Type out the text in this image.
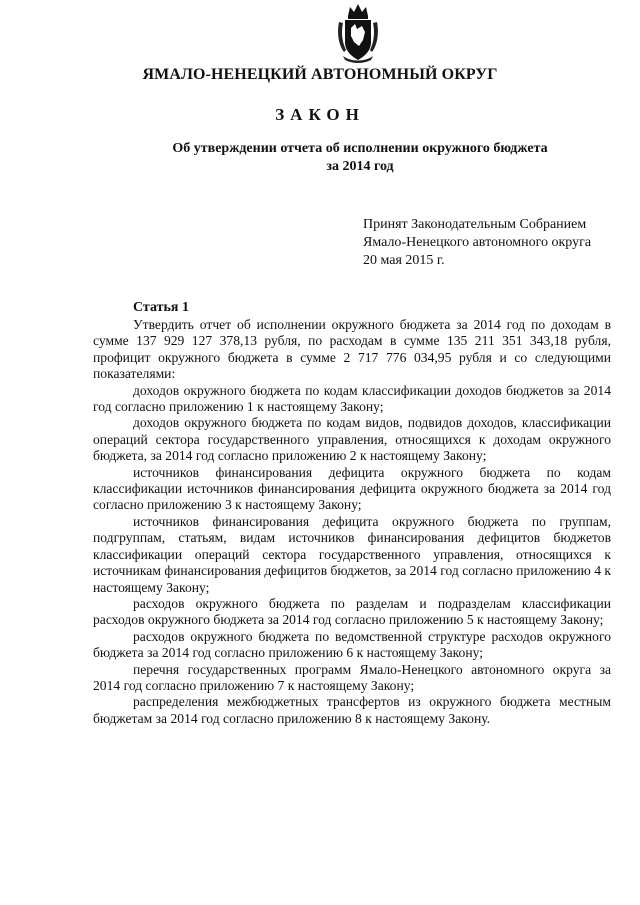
ЯМАЛО-НЕНЕЦКИЙ АВТОНОМНЫЙ ОКРУГ
ЗАКОН
Об утверждении отчета об исполнении окружного бюджета
за 2014 год
Принят Законодательным Собранием
Ямало-Ненецкого автономного округа
20 мая 2015 г.
Статья 1

Утвердить отчет об исполнении окружного бюджета за 2014 год по доходам в сумме 137 929 127 378,13 рубля, по расходам в сумме 135 211 351 343,18 рубля, профицит окружного бюджета в сумме 2 717 776 034,95 рубля и со следующими показателями:

доходов окружного бюджета по кодам классификации доходов бюджетов за 2014 год согласно приложению 1 к настоящему Закону;

доходов окружного бюджета по кодам видов, подвидов доходов, классификации операций сектора государственного управления, относящихся к доходам окружного бюджета, за 2014 год согласно приложению 2 к настоящему Закону;

источников финансирования дефицита окружного бюджета по кодам классификации источников финансирования дефицита окружного бюджета за 2014 год согласно приложению 3 к настоящему Закону;

источников финансирования дефицита окружного бюджета по группам, подгруппам, статьям, видам источников финансирования дефицитов бюджетов классификации операций сектора государственного управления, относящихся к источникам финансирования дефицитов бюджетов, за 2014 год согласно приложению 4 к настоящему Закону;

расходов окружного бюджета по разделам и подразделам классификации расходов окружного бюджета за 2014 год согласно приложению 5 к настоящему Закону;

расходов окружного бюджета по ведомственной структуре расходов окружного бюджета за 2014 год согласно приложению 6 к настоящему Закону;

перечня государственных программ Ямало-Ненецкого автономного округа за 2014 год согласно приложению 7 к настоящему Закону;

распределения межбюджетных трансфертов из окружного бюджета местным бюджетам за 2014 год согласно приложению 8 к настоящему Закону.
